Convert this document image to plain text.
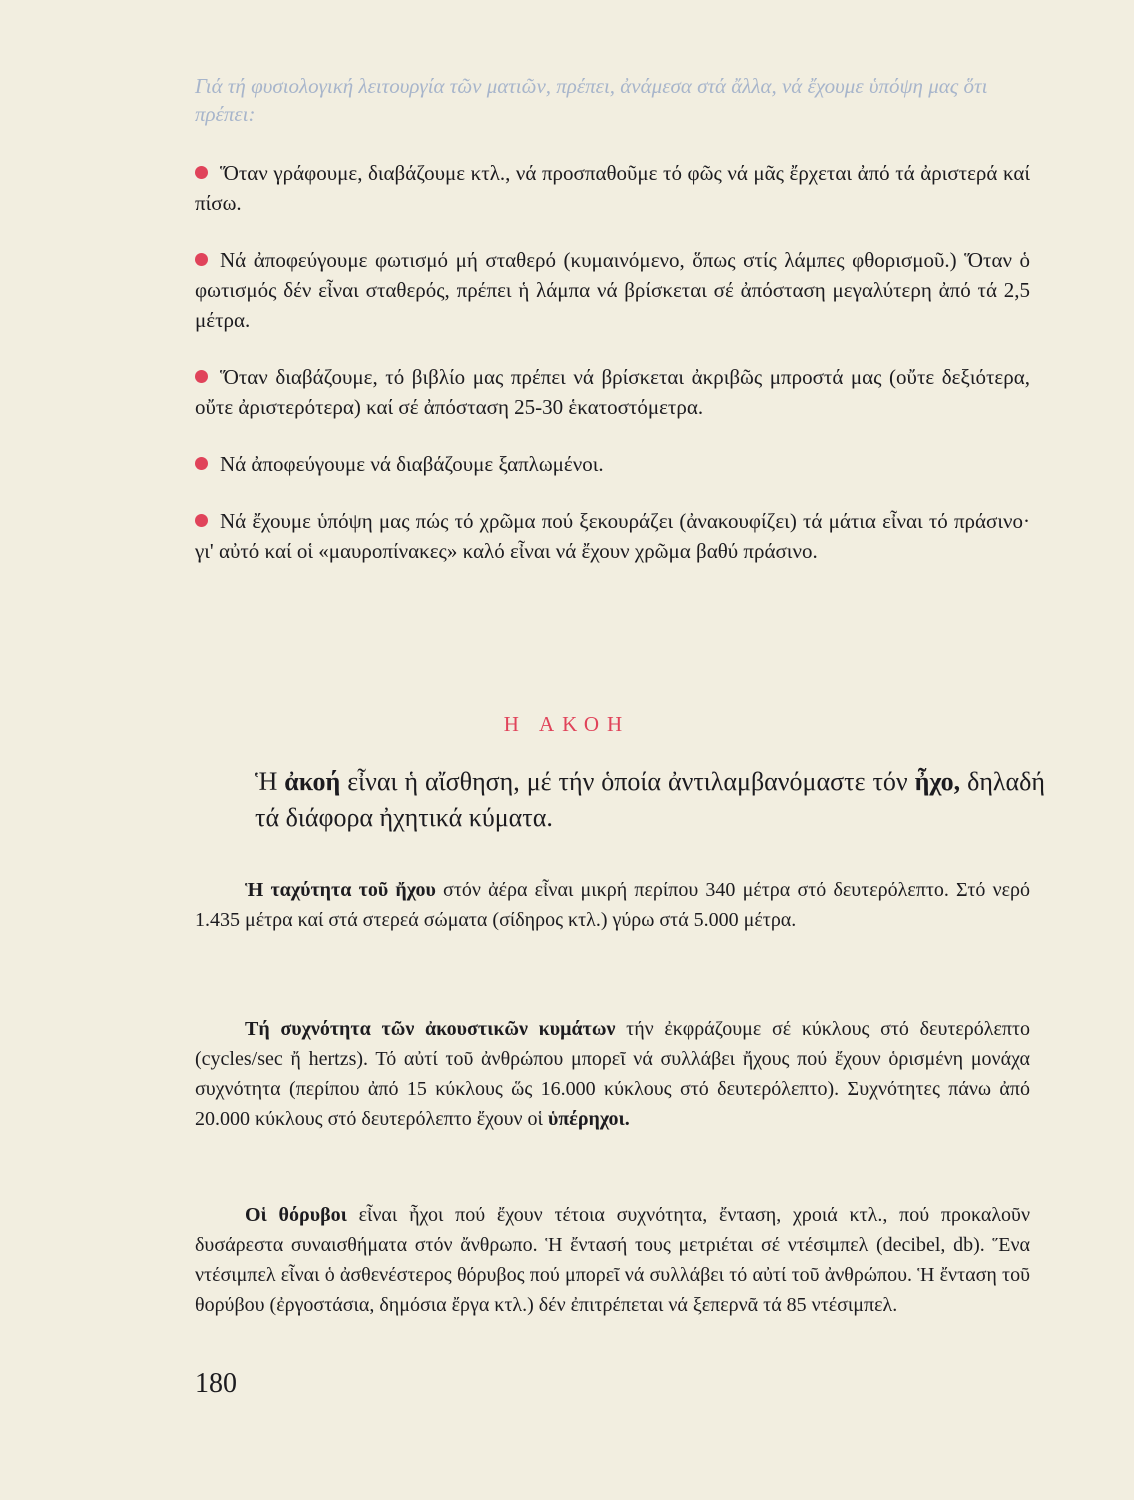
Γιά τή φυσιολογική λειτουργία τῶν ματιῶν, πρέπει, ἀνάμεσα στά ἄλλα, νά ἔχουμε ὑπόψη μας ὅτι πρέπει:
Ὅταν γράφουμε, διαβάζουμε κτλ., νά προσπαθοῦμε τό φῶς νά μᾶς ἔρχεται ἀπό τά ἀριστερά καί πίσω.
Νά ἀποφεύγουμε φωτισμό μή σταθερό (κυμαινόμενο, ὅπως στίς λάμπες φθορισμοῦ.) Ὅταν ὁ φωτισμός δέν εἶναι σταθερός, πρέπει ἡ λάμπα νά βρίσκεται σέ ἀπόσταση μεγαλύτερη ἀπό τά 2,5 μέτρα.
Ὅταν διαβάζουμε, τό βιβλίο μας πρέπει νά βρίσκεται ἀκριβῶς μπροστά μας (οὔτε δεξιότερα, οὔτε ἀριστερότερα) καί σέ ἀπόσταση 25-30 ἑκατοστόμετρα.
Νά ἀποφεύγουμε νά διαβάζουμε ξαπλωμένοι.
Νά ἔχουμε ὑπόψη μας πώς τό χρῶμα πού ξεκουράζει (ἀνακουφίζει) τά μάτια εἶναι τό πράσινο· γι' αὐτό καί οἱ «μαυροπίνακες» καλό εἶναι νά ἔχουν χρῶμα βαθύ πράσινο.
Η ΑΚΟΗ
Ἡ ἀκοή εἶναι ἡ αἴσθηση, μέ τήν ὁποία ἀντιλαμβανόμαστε τόν ἦχο, δηλαδή τά διάφορα ἠχητικά κύματα.
Ἡ ταχύτητα τοῦ ἤχου στόν ἀέρα εἶναι μικρή περίπου 340 μέτρα στό δευτερόλεπτο. Στό νερό 1.435 μέτρα καί στά στερεά σώματα (σίδηρος κτλ.) γύρω στά 5.000 μέτρα.
Τή συχνότητα τῶν ἀκουστικῶν κυμάτων τήν ἐκφράζουμε σέ κύκλους στό δευτερόλεπτο (cycles/sec ἤ hertzs). Τό αὐτί τοῦ ἀνθρώπου μπορεῖ νά συλλάβει ἤχους πού ἔχουν ὁρισμένη μονάχα συχνότητα (περίπου ἀπό 15 κύκλους ὥς 16.000 κύκλους στό δευτερόλεπτο). Συχνότητες πάνω ἀπό 20.000 κύκλους στό δευτερόλεπτο ἔχουν οἱ ὑπέρηχοι.
Οἱ θόρυβοι εἶναι ἦχοι πού ἔχουν τέτοια συχνότητα, ἔνταση, χροιά κτλ., πού προκαλοῦν δυσάρεστα συναισθήματα στόν ἄνθρωπο. Ἡ ἔντασή τους μετριέται σέ ντέσιμπελ (decibel, db). Ἕνα ντέσιμπελ εἶναι ὁ ἀσθενέστερος θόρυβος πού μπορεῖ νά συλλάβει τό αὐτί τοῦ ἀνθρώπου. Ἡ ἔνταση τοῦ θορύβου (ἐργοστάσια, δημόσια ἔργα κτλ.) δέν ἐπιτρέπεται νά ξεπερνᾶ τά 85 ντέσιμπελ.
180
